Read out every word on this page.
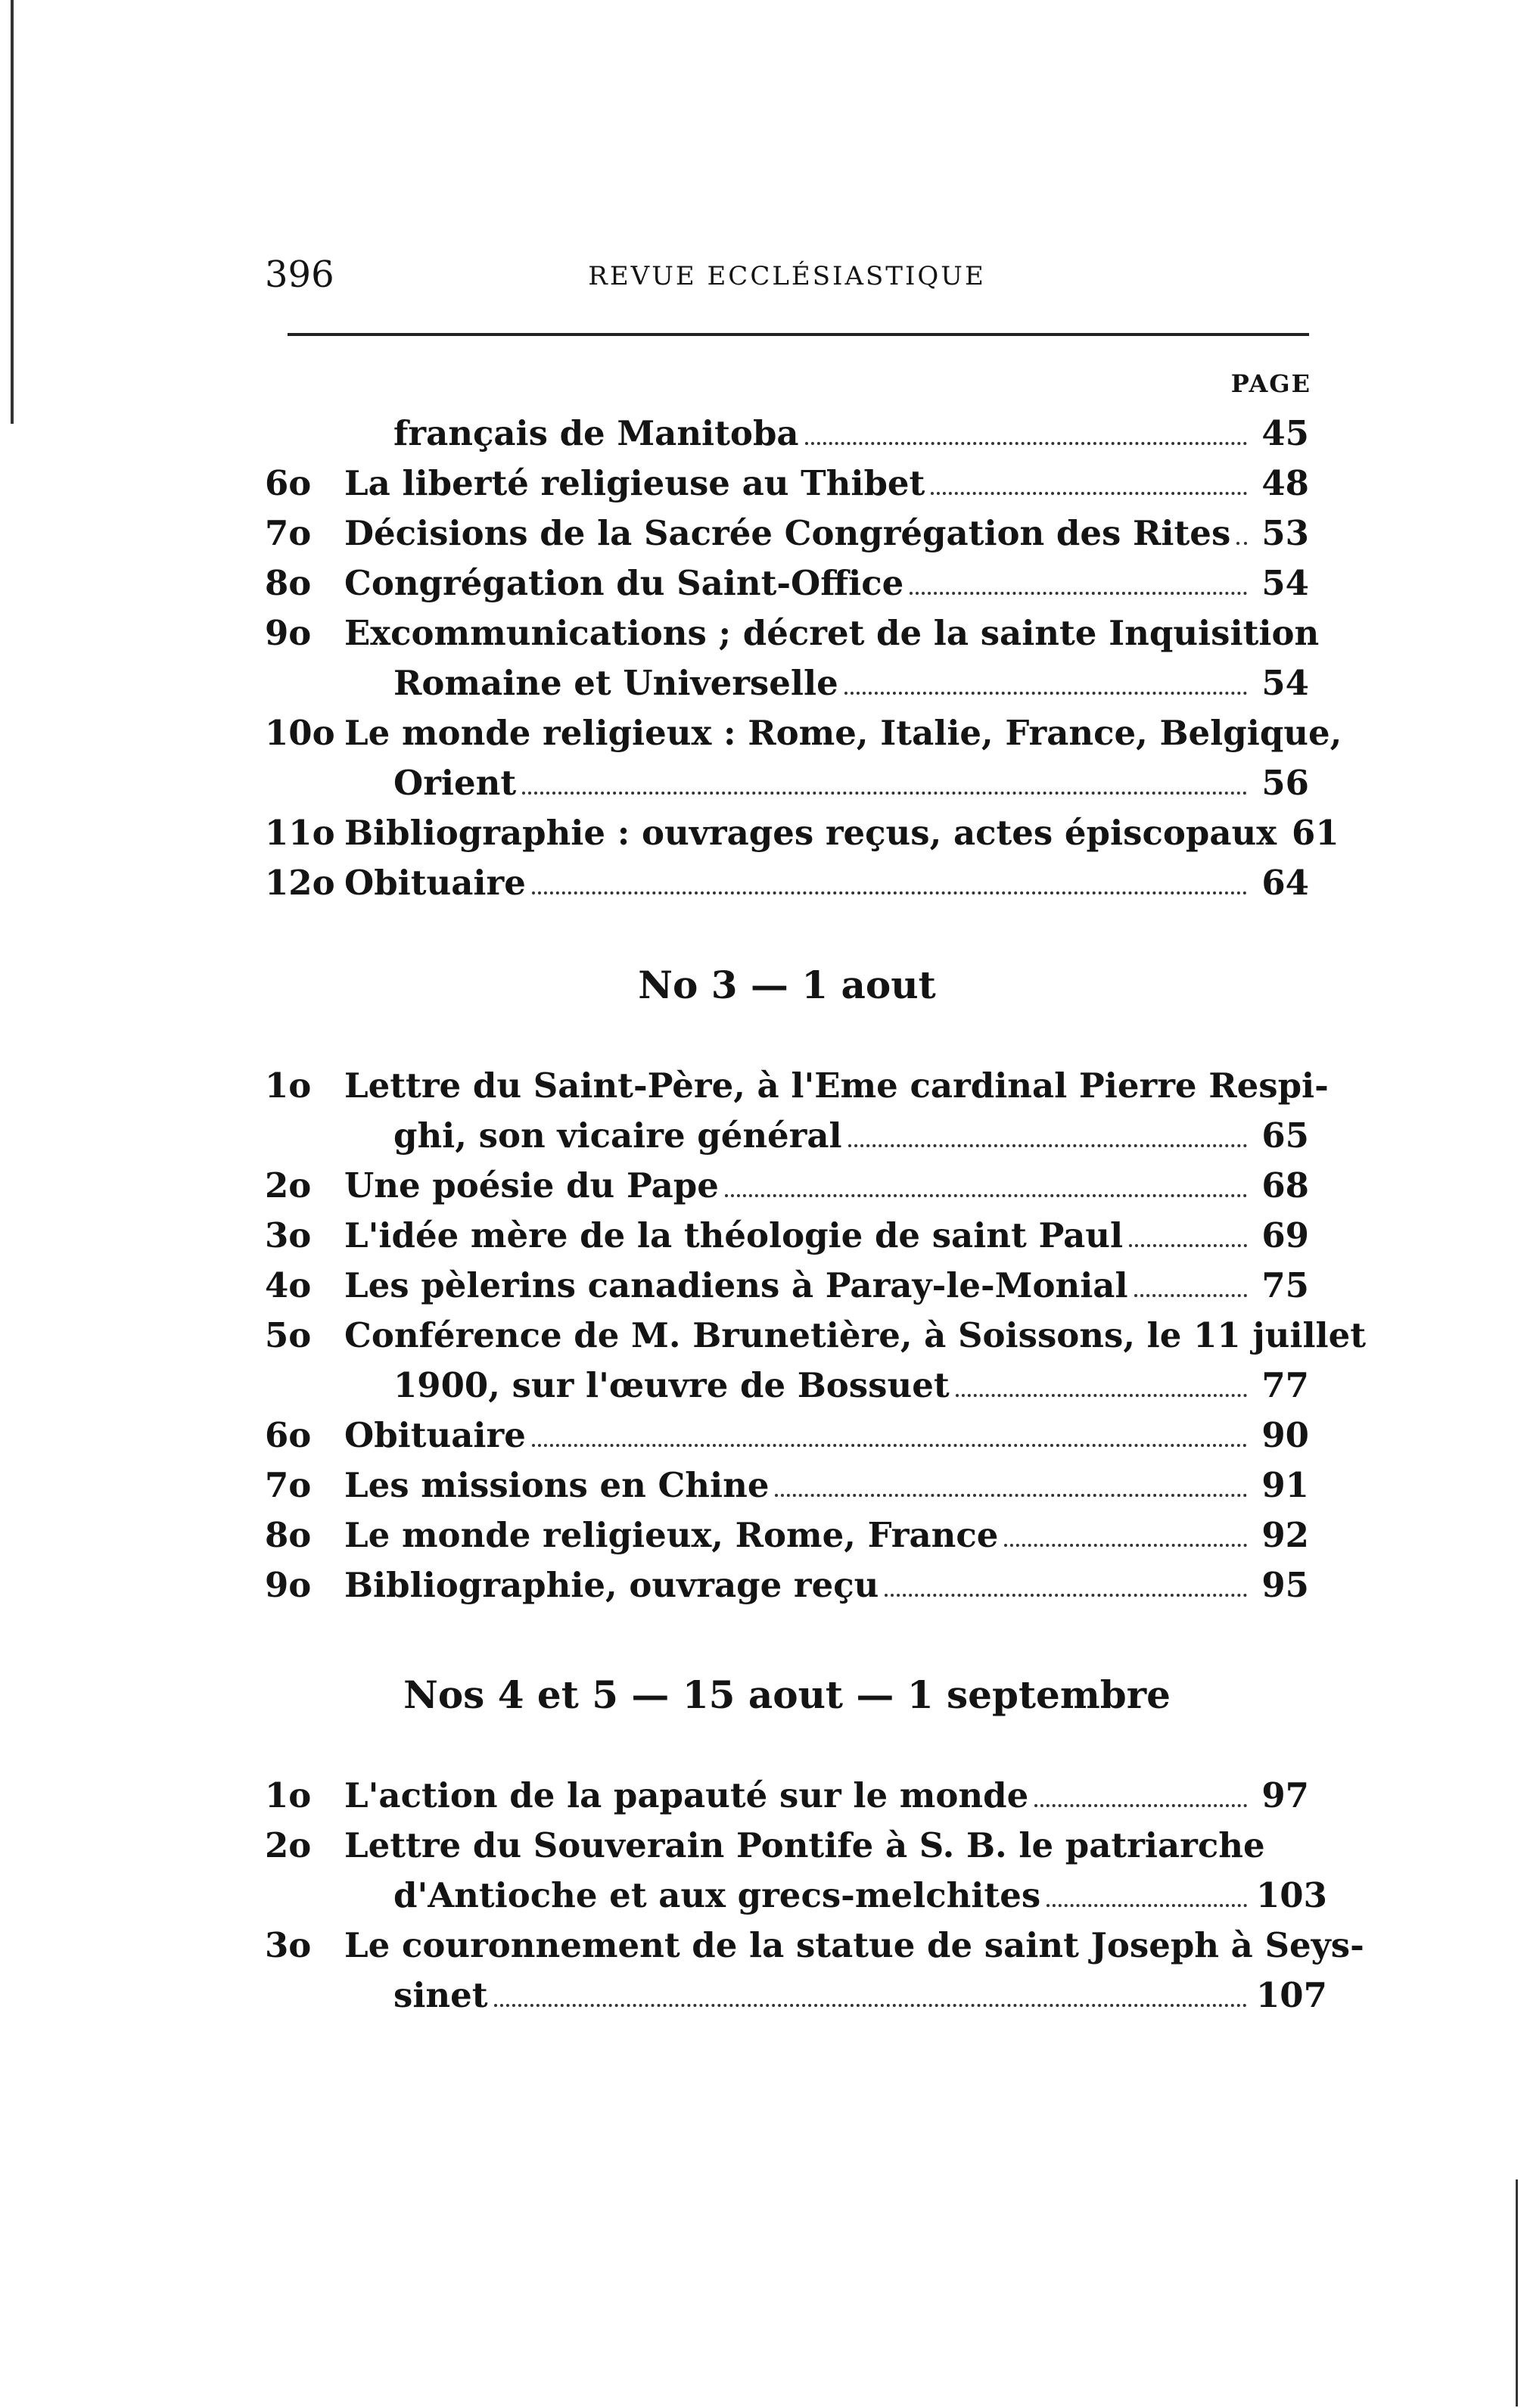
396	REVUE ECCLÉSIASTIQUE
PAGE
français de Manitoba	45
6o La liberté religieuse au Thibet	48
7o Décisions de la Sacrée Congrégation des Rites 53
8o Congrégation du Saint-Office	54
9o Excommunications ; décret de la sainte Inquisition
Romaine et Universelle	54
10o Le monde religieux : Rome, Italie, France, Belgique,
Orient	56
11o Bibliographie : ouvrages reçus, actes épiscopaux 61
12o Obituaire	64
No 3 — 1 aout
1o Lettre du Saint-Père, à l'Eme cardinal Pierre Respi-
ghi, son vicaire général	65
2o Une poésie du Pape	68
3o L'idée mère de la théologie de saint Paul	69
4o Les pèlerins canadiens à Paray-le-Monial	75
5o Conférence de M. Brunetière, à Soissons, le 11 juillet
1900, sur l'œuvre de Bossuet	77
6o Obituaire	90
7o Les missions en Chine	91
8o Le monde religieux, Rome, France	92
9o Bibliographie, ouvrage reçu	95
Nos 4 et 5 — 15 aout — 1 septembre
1o L'action de la papauté sur le monde	97
2o Lettre du Souverain Pontife à S. B. le patriarche
d'Antioche et aux grecs-melchites	103
3o Le couronnement de la statue de saint Joseph à Seys-
sinet	107
